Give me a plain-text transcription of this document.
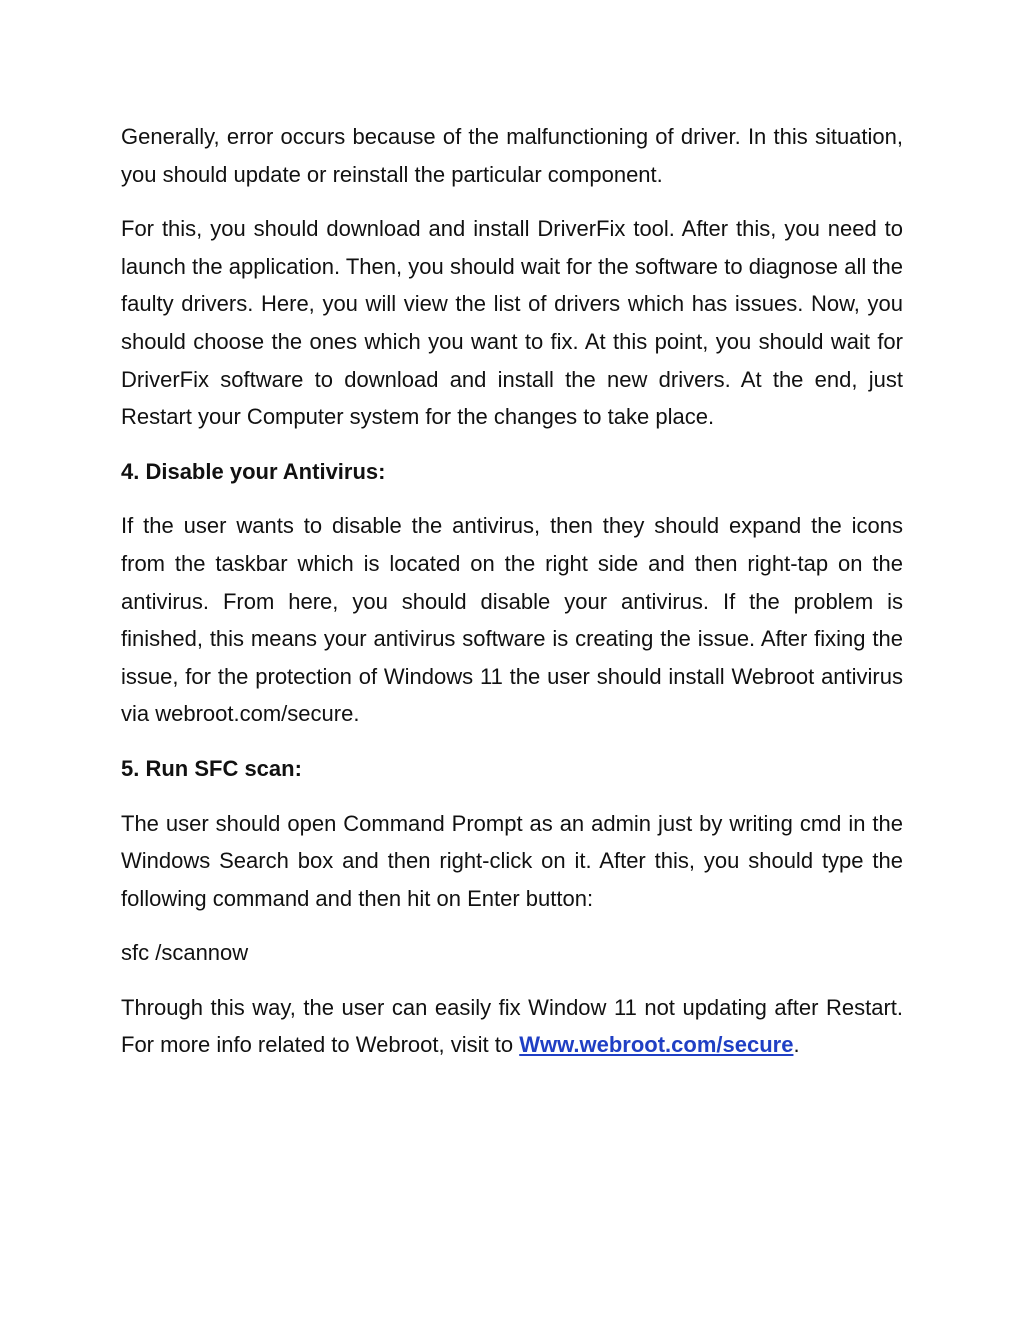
Generally, error occurs because of the malfunctioning of driver. In this situation, you should update or reinstall the particular component.

For this, you should download and install DriverFix tool. After this, you need to launch the application. Then, you should wait for the software to diagnose all the faulty drivers. Here, you will view the list of drivers which has issues. Now, you should choose the ones which you want to fix. At this point, you should wait for DriverFix software to download and install the new drivers. At the end, just Restart your Computer system for the changes to take place.

4. Disable your Antivirus:

If the user wants to disable the antivirus, then they should expand the icons from the taskbar which is located on the right side and then right-tap on the antivirus. From here, you should disable your antivirus. If the problem is finished, this means your antivirus software is creating the issue. After fixing the issue, for the protection of Windows 11 the user should install Webroot antivirus via webroot.com/secure.

5. Run SFC scan:

The user should open Command Prompt as an admin just by writing cmd in the Windows Search box and then right-click on it. After this, you should type the following command and then hit on Enter button:

sfc /scannow

Through this way, the user can easily fix Window 11 not updating after Restart. For more info related to Webroot, visit to Www.webroot.com/secure.
